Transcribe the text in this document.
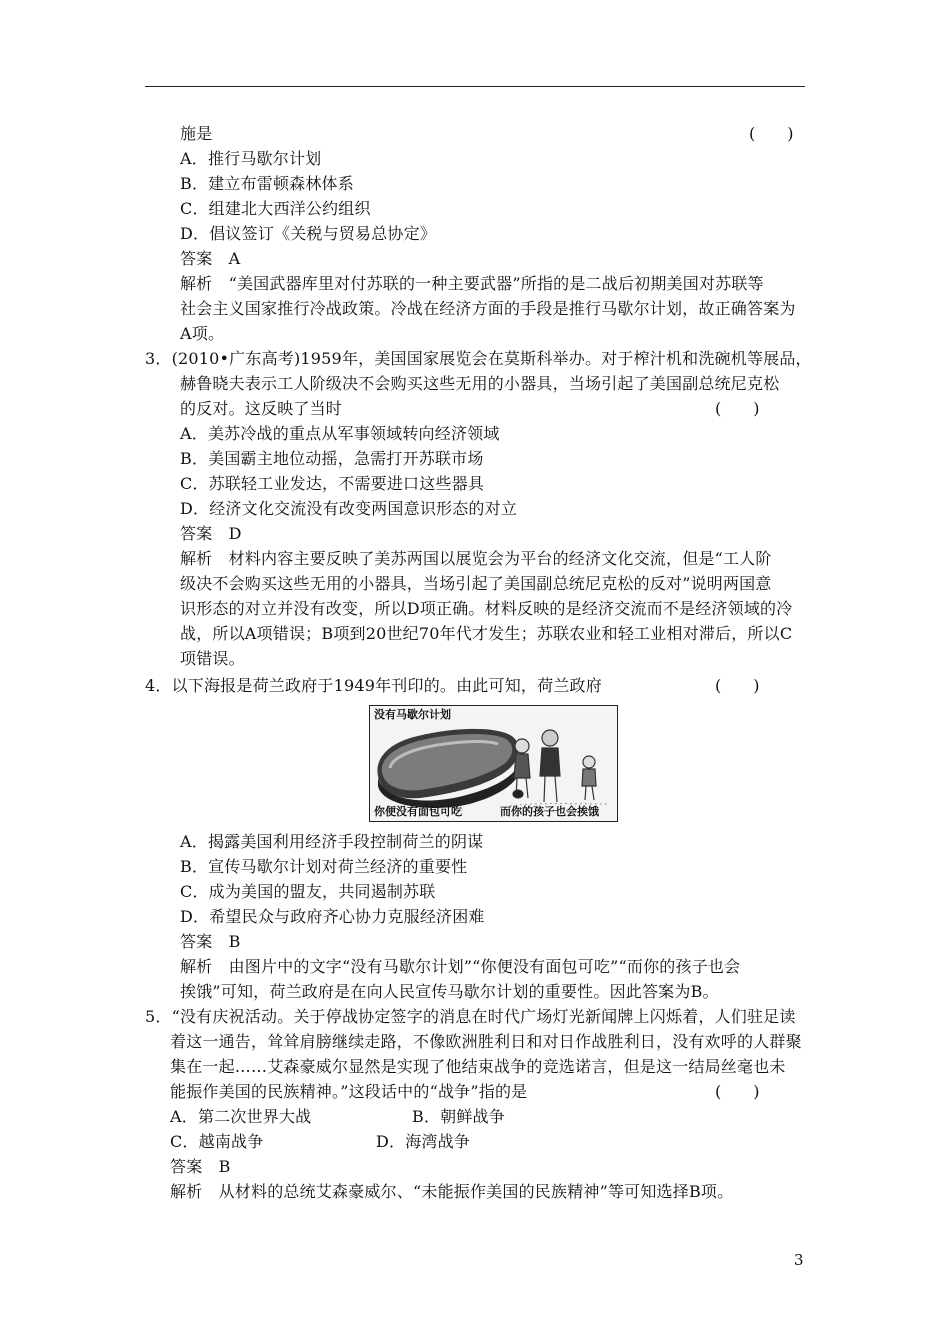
施是	(　　)
A．推行马歇尔计划
B．建立布雷顿森林体系
C．组建北大西洋公约组织
D．倡议签订《关税与贸易总协定》
答案　A
解析　“美国武器库里对付苏联的一种主要武器”所指的是二战后初期美国对苏联等
社会主义国家推行冷战政策。冷战在经济方面的手段是推行马歇尔计划，故正确答案为
A项。
3．(2010•广东高考)1959年，美国国家展览会在莫斯科举办。对于榨汁机和洗碗机等展品，
赫鲁晓夫表示工人阶级决不会购买这些无用的小器具，当场引起了美国副总统尼克松
的反对。这反映了当时	(　　)
A．美苏冷战的重点从军事领域转向经济领域
B．美国霸主地位动摇，急需打开苏联市场
C．苏联轻工业发达，不需要进口这些器具
D．经济文化交流没有改变两国意识形态的对立
答案　D
解析　材料内容主要反映了美苏两国以展览会为平台的经济文化交流，但是“工人阶
级决不会购买这些无用的小器具，当场引起了美国副总统尼克松的反对”说明两国意
识形态的对立并没有改变，所以D项正确。材料反映的是经济交流而不是经济领域的冷
战，所以A项错误；B项到20世纪70年代才发生；苏联农业和轻工业相对滞后，所以C
项错误。
4．以下海报是荷兰政府于1949年刊印的。由此可知，荷兰政府	(　　)
没有马歇尔计划
你便没有面包可吃	而你的孩子也会挨饿
A．揭露美国利用经济手段控制荷兰的阴谋
B．宣传马歇尔计划对荷兰经济的重要性
C．成为美国的盟友，共同遏制苏联
D．希望民众与政府齐心协力克服经济困难
答案　B
解析　由图片中的文字“没有马歇尔计划”“你便没有面包可吃”“而你的孩子也会
挨饿”可知，荷兰政府是在向人民宣传马歇尔计划的重要性。因此答案为B。
5．“没有庆祝活动。关于停战协定签字的消息在时代广场灯光新闻牌上闪烁着，人们驻足读
着这一通告，耸耸肩膀继续走路，不像欧洲胜利日和对日作战胜利日，没有欢呼的人群聚
集在一起……艾森豪威尔显然是实现了他结束战争的竞选诺言，但是这一结局丝毫也未
能振作美国的民族精神。”这段话中的“战争”指的是	(　　)
A．第二次世界大战	B．朝鲜战争
C．越南战争	D．海湾战争
答案　B
解析　从材料的总统艾森豪威尔、“未能振作美国的民族精神”等可知选择B项。
3
